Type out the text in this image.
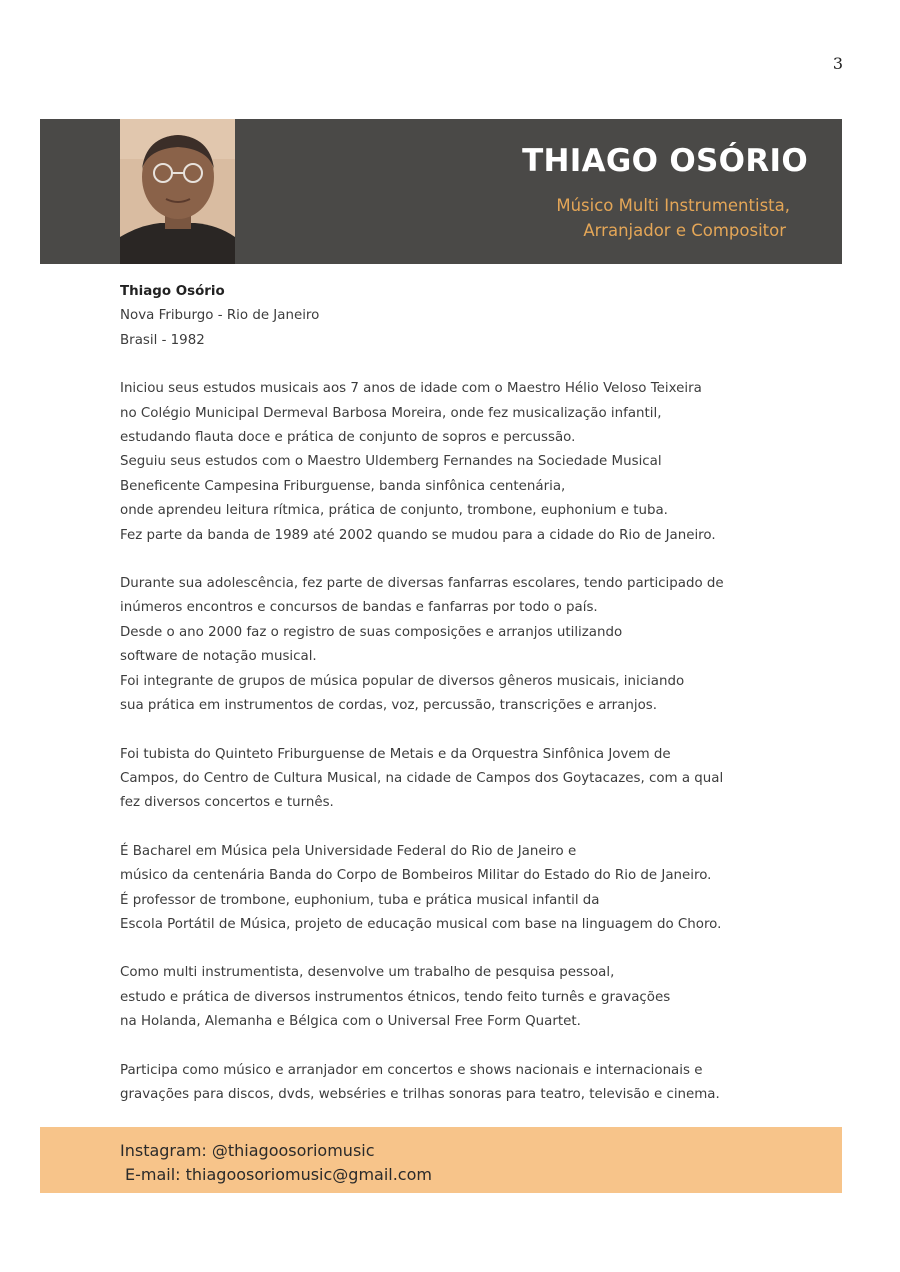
3
THIAGO OSÓRIO
Músico Multi Instrumentista,
Arranjador e Compositor
Thiago Osório
Nova Friburgo - Rio de Janeiro
Brasil - 1982
Iniciou seus estudos musicais aos 7 anos de idade com o Maestro Hélio Veloso Teixeira
no Colégio Municipal Dermeval Barbosa Moreira, onde fez musicalização infantil,
estudando flauta doce e prática de conjunto de sopros e percussão.
Seguiu seus estudos com o Maestro Uldemberg Fernandes na Sociedade Musical
Beneficente Campesina Friburguense, banda sinfônica centenária,
onde aprendeu leitura rítmica, prática de conjunto, trombone, euphonium e tuba.
Fez parte da banda de 1989 até 2002 quando se mudou para a cidade do Rio de Janeiro.
Durante sua adolescência, fez parte de diversas fanfarras escolares, tendo participado de
inúmeros encontros e concursos de bandas e fanfarras por todo o país.
Desde o ano 2000 faz o registro de suas composições e arranjos utilizando
software de notação musical.
Foi integrante de grupos de música popular de diversos gêneros musicais, iniciando
sua prática em instrumentos de cordas, voz, percussão, transcrições e arranjos.
Foi tubista do Quinteto Friburguense de Metais e da Orquestra Sinfônica Jovem de
Campos, do Centro de Cultura Musical, na cidade de Campos dos Goytacazes, com a qual
fez diversos concertos e turnês.
É Bacharel em Música pela Universidade Federal do Rio de Janeiro e
músico da centenária Banda do Corpo de Bombeiros Militar do Estado do Rio de Janeiro.
É professor de trombone, euphonium, tuba e prática musical infantil da
Escola Portátil de Música, projeto de educação musical com base na linguagem do Choro.
Como multi instrumentista, desenvolve um trabalho de pesquisa pessoal,
estudo e prática de diversos instrumentos étnicos, tendo feito turnês e gravações
na Holanda, Alemanha e Bélgica com o Universal Free Form Quartet.
Participa como músico e arranjador em concertos e shows nacionais e internacionais e
gravações para discos, dvds, webséries e trilhas sonoras para teatro, televisão e cinema.
Instagram: @thiagoosoriomusic
E-mail: thiagoosoriomusic@gmail.com
